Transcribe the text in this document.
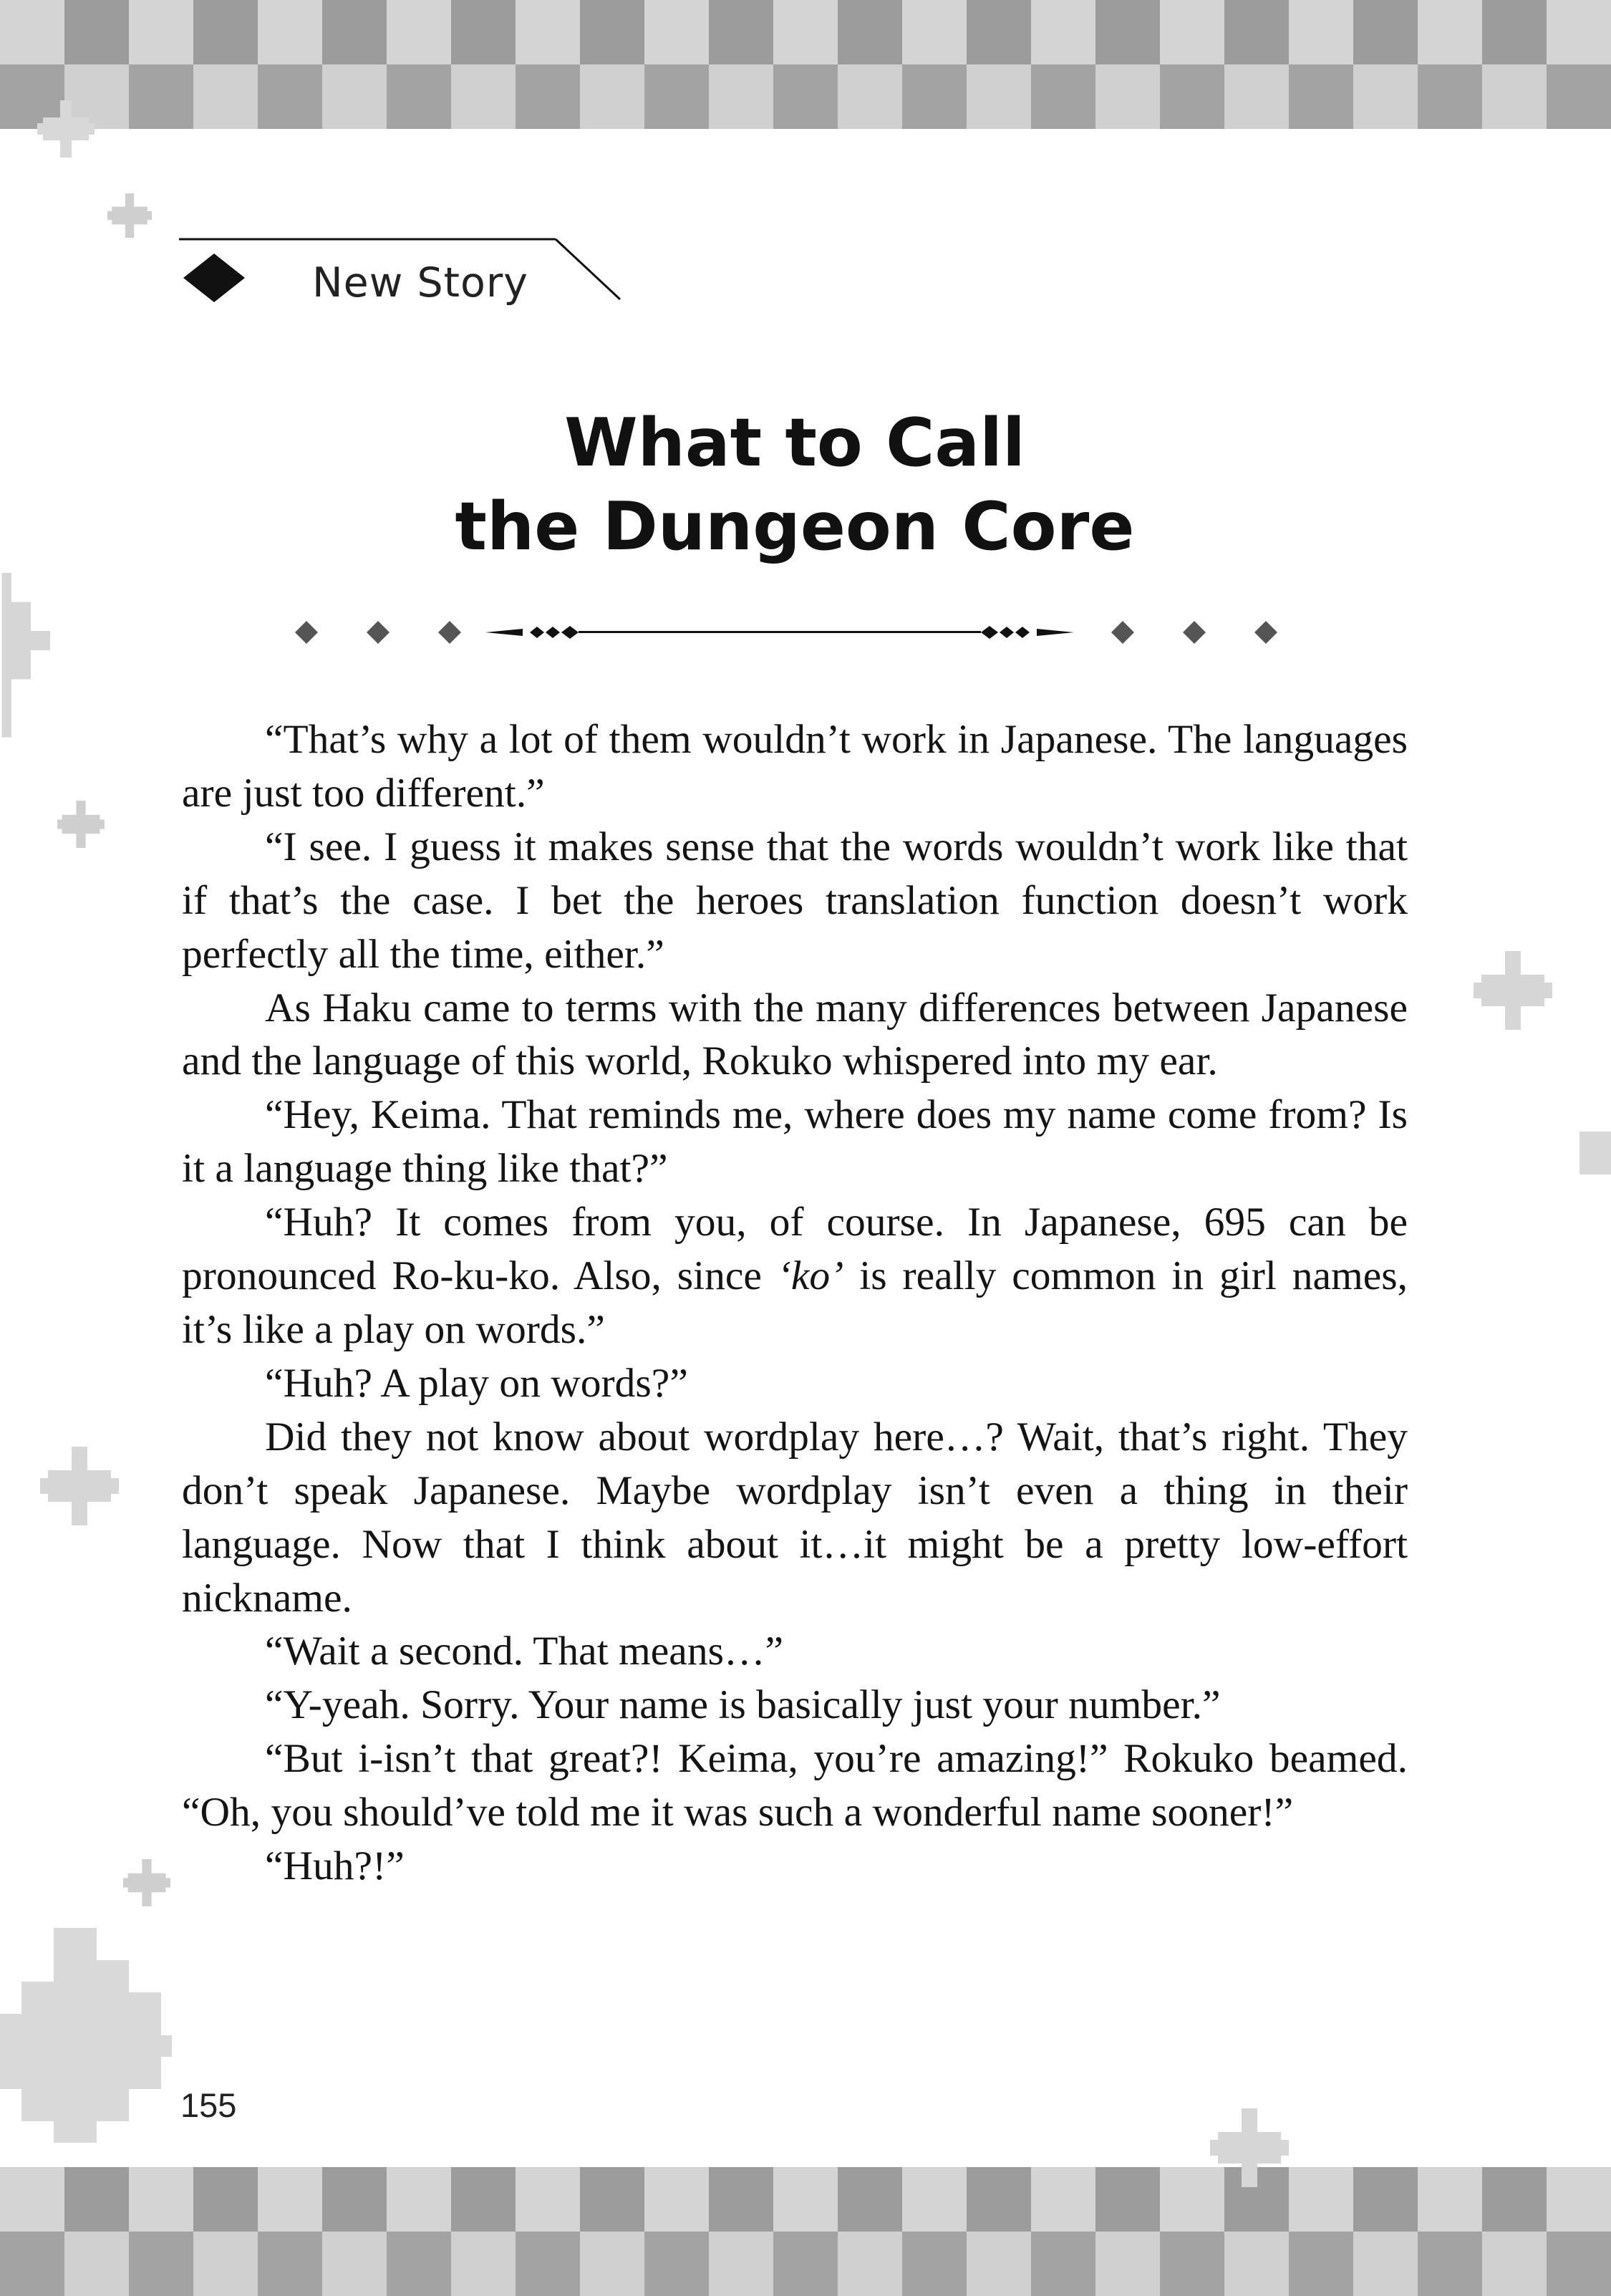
New Story
What to Call
the Dungeon Core

“That’s why a lot of them wouldn’t work in Japanese. The languages are just too different.”

“I see. I guess it makes sense that the words wouldn’t work like that if that’s the case. I bet the heroes translation function doesn’t work perfectly all the time, either.”

As Haku came to terms with the many differences between Japanese and the language of this world, Rokuko whispered into my ear.

“Hey, Keima. That reminds me, where does my name come from? Is it a language thing like that?”

“Huh? It comes from you, of course. In Japanese, 695 can be pronounced Ro-ku-ko. Also, since ‘ko’ is really common in girl names, it’s like a play on words.”

“Huh? A play on words?”

Did they not know about wordplay here…? Wait, that’s right. They don’t speak Japanese. Maybe wordplay isn’t even a thing in their language. Now that I think about it…it might be a pretty low-effort nickname.

“Wait a second. That means…”

“Y-yeah. Sorry. Your name is basically just your number.”

“But i-isn’t that great?! Keima, you’re amazing!” Rokuko beamed. “Oh, you should’ve told me it was such a wonderful name sooner!”

“Huh?!”

155
